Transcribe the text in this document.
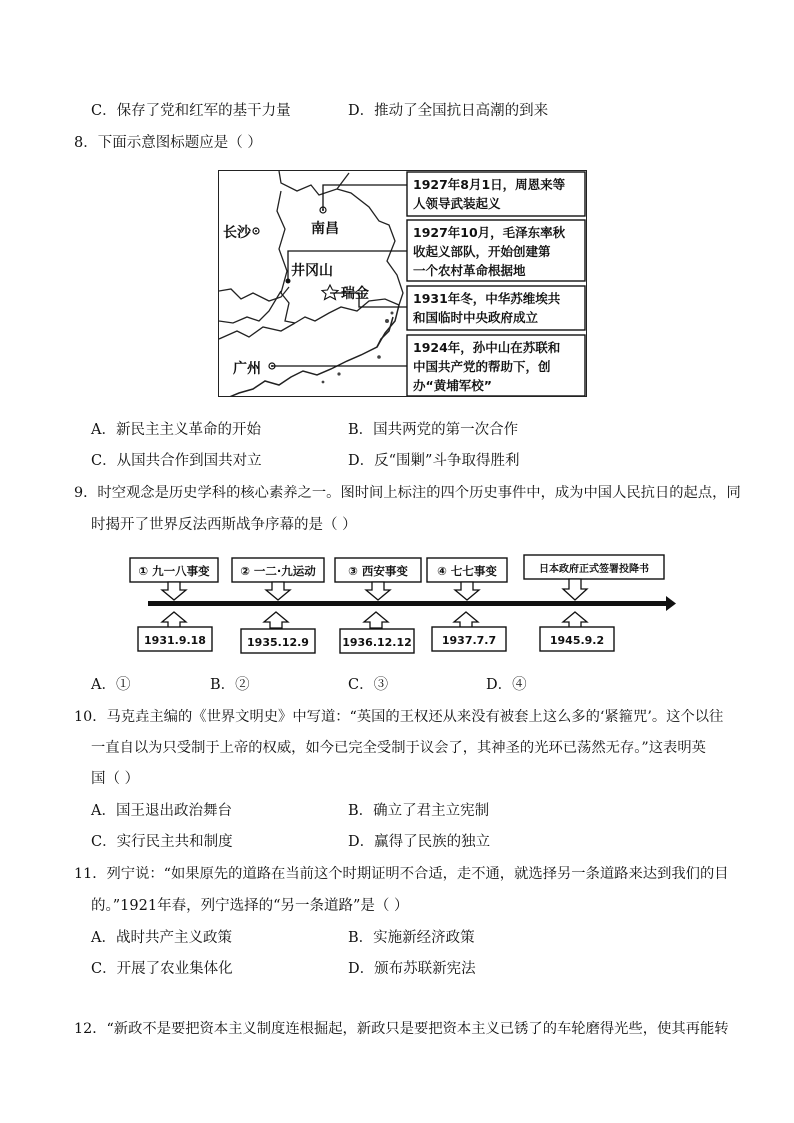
C．保存了党和红军的基干力量	D．推动了全国抗日高潮的到来
8．下面示意图标题应是（ ）
长沙	南昌
井冈山
瑞金
广州
1927年8月1日，周恩来等
人领导武装起义
1927年10月，毛泽东率秋
收起义部队，开始创建第
一个农村革命根据地
1931年冬，中华苏维埃共
和国临时中央政府成立
1924年，孙中山在苏联和
中国共产党的帮助下，创
办“黄埔军校”
A．新民主主义革命的开始	B．国共两党的第一次合作
C．从国共合作到国共对立	D．反“围剿”斗争取得胜利
9．时空观念是历史学科的核心素养之一。图时间上标注的四个历史事件中，成为中国人民抗日的起点，同
时揭开了世界反法西斯战争序幕的是（ ）
① 九一八事变	② 一二·九运动	③ 西安事变	④ 七七事变	日本政府正式签署投降书
1931.9.18	1935.12.9	1936.12.12	1937.7.7	1945.9.2
A．①	B．②	C．③	D．④
10．马克垚主编的《世界文明史》中写道：“英国的王权还从来没有被套上这么多的‘紧箍咒’。这个以往
一直自以为只受制于上帝的权威，如今已完全受制于议会了，其神圣的光环已荡然无存。”这表明英
国（ ）
A．国王退出政治舞台	B．确立了君主立宪制
C．实行民主共和制度	D．赢得了民族的独立
11．列宁说：“如果原先的道路在当前这个时期证明不合适，走不通，就选择另一条道路来达到我们的目
的。”1921年春，列宁选择的“另一条道路”是（ ）
A．战时共产主义政策	B．实施新经济政策
C．开展了农业集体化	D．颁布苏联新宪法
12．“新政不是要把资本主义制度连根掘起，新政只是要把资本主义已锈了的车轮磨得光些，使其再能转
